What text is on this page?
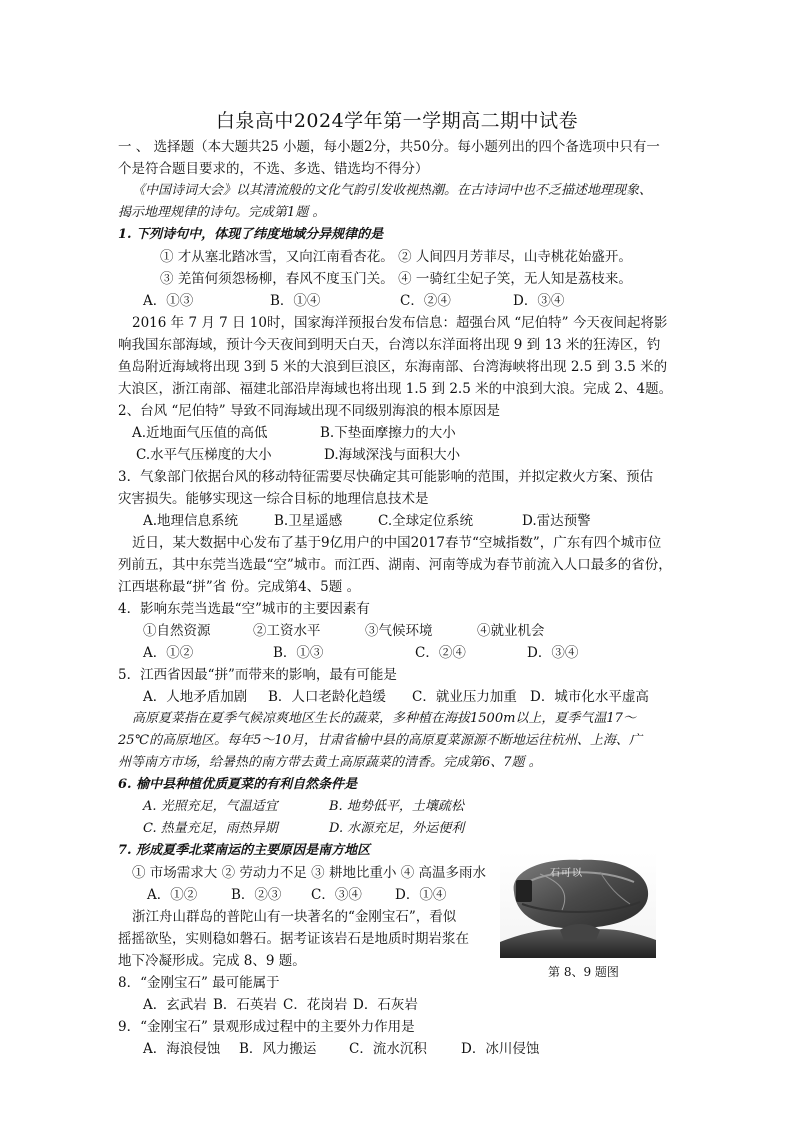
白泉高中2024学年第一学期高二期中试卷
一 、 选择题（本大题共25 小题，每小题2分，共50分。每小题列出的四个备选项中只有一
个是符合题目要求的，不选、多选、错选均不得分）
《中国诗词大会》以其清流般的文化气韵引发收视热潮。在古诗词中也不乏描述地理现象、
揭示地理规律的诗句。完成第1题 。
1. 下列诗句中，体现了纬度地域分异规律的是
① 才从塞北踏冰雪，又向江南看杏花。 ② 人间四月芳菲尽，山寺桃花始盛开。
③ 羌笛何须怨杨柳，春风不度玉门关。 ④ 一骑红尘妃子笑，无人知是荔枝来。
A．①③	B．①④	C．②④	D．③④
2016 年 7 月 7 日 10时，国家海洋预报台发布信息：超强台风 “尼伯特” 今天夜间起将影
响我国东部海域，预计今天夜间到明天白天，台湾以东洋面将出现 9 到 13 米的狂涛区，钓
鱼岛附近海域将出现 3到 5 米的大浪到巨浪区，东海南部、台湾海峡将出现 2.5 到 3.5 米的
大浪区，浙江南部、福建北部沿岸海域也将出现 1.5 到 2.5 米的中浪到大浪。完成 2、4题。
2、台风 “尼伯特” 导致不同海域出现不同级别海浪的根本原因是
A.近地面气压值的高低	B.下垫面摩擦力的大小
C.水平气压梯度的大小	D.海域深浅与面积大小
3．气象部门依据台风的移动特征需要尽快确定其可能影响的范围，并拟定救火方案、预估
灾害损失。能够实现这一综合目标的地理信息技术是
A.地理信息系统	B.卫星遥感	C.全球定位系统	D.雷达预警
近日，某大数据中心发布了基于9亿用户的中国2017春节“空城指数”，广东有四个城市位
列前五，其中东莞当选最“空”城市。而江西、湖南、河南等成为春节前流入人口最多的省份，
江西堪称最“拼”省 份。完成第4、5题 。
4．影响东莞当选最“空”城市的主要因素有
①自然资源	②工资水平	③气候环境	④就业机会
A．①②	B．①③	C．②④	D．③④
5．江西省因最“拼”而带来的影响，最有可能是
A．人地矛盾加剧 B．人口老龄化趋缓 C．就业压力加重 D．城市化水平虚高
高原夏菜指在夏季气候凉爽地区生长的蔬菜，多种植在海拔1500m以上，夏季气温17～
25℃的高原地区。每年5～10月，甘肃省榆中县的高原夏菜源源不断地运往杭州、上海、广
州等南方市场，给暑热的南方带去黄土高原蔬菜的清香。完成第6、7题 。
6. 榆中县种植优质夏菜的有利自然条件是
A. 光照充足，气温适宜	B. 地势低平，土壤疏松
C. 热量充足，雨热异期	D. 水源充足，外运便利
7. 形成夏季北菜南运的主要原因是南方地区
① 市场需求大 ② 劳动力不足 ③ 耕地比重小 ④ 高温多雨水
A．①②	B．②③ C．③④ D．①④
浙江舟山群岛的普陀山有一块著名的“金刚宝石”，看似
摇摇欲坠，实则稳如磐石。据考证该岩石是地质时期岩浆在
地下冷凝形成。完成 8、9 题。
8．“金刚宝石” 最可能属于
A．玄武岩 B．石英岩 C．花岗岩 D．石灰岩
9．“金刚宝石” 景观形成过程中的主要外力作用是
A．海浪侵蚀 B．风力搬运 C．流水沉积	D．冰川侵蚀
石可以
第 8、9 题图
